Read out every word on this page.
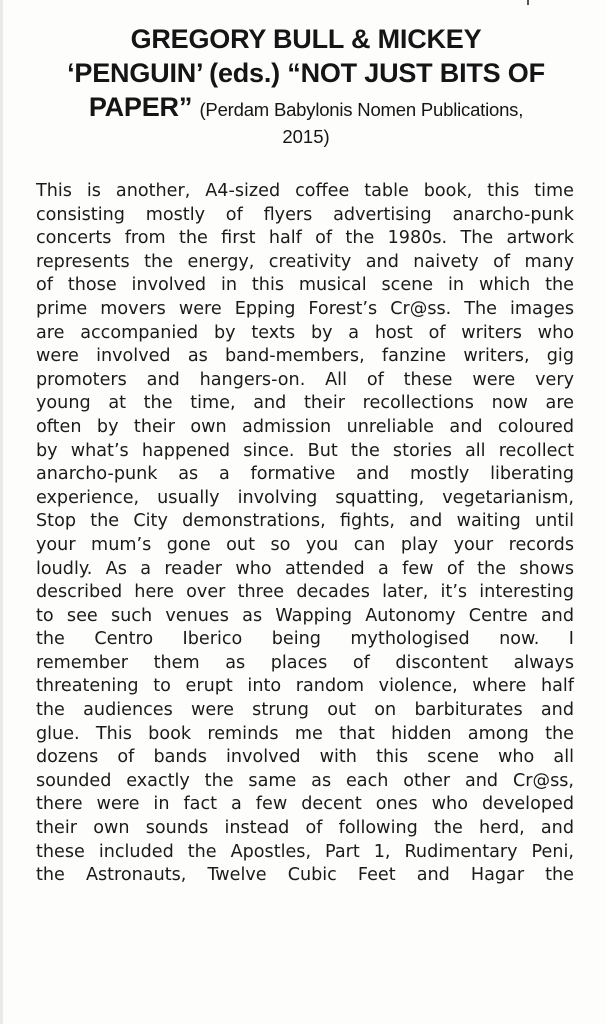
GREGORY BULL & MICKEY
‘PENGUIN’ (eds.) “NOT JUST BITS OF
PAPER” (Perdam Babylonis Nomen Publications,
2015)
This is another, A4-sized coffee table book, this time
consisting mostly of flyers advertising anarcho-punk
concerts from the first half of the 1980s. The artwork
represents the energy, creativity and naivety of many
of those involved in this musical scene in which the
prime movers were Epping Forest’s Cr@ss. The images
are accompanied by texts by a host of writers who
were involved as band-members, fanzine writers, gig
promoters and hangers-on. All of these were very
young at the time, and their recollections now are
often by their own admission unreliable and coloured
by what’s happened since. But the stories all recollect
anarcho-punk as a formative and mostly liberating
experience, usually involving squatting, vegetarianism,
Stop the City demonstrations, fights, and waiting until
your mum’s gone out so you can play your records
loudly. As a reader who attended a few of the shows
described here over three decades later, it’s interesting
to see such venues as Wapping Autonomy Centre and
the Centro Iberico being mythologised now. I
remember them as places of discontent always
threatening to erupt into random violence, where half
the audiences were strung out on barbiturates and
glue. This book reminds me that hidden among the
dozens of bands involved with this scene who all
sounded exactly the same as each other and Cr@ss,
there were in fact a few decent ones who developed
their own sounds instead of following the herd, and
these included the Apostles, Part 1, Rudimentary Peni,
the Astronauts, Twelve Cubic Feet and Hagar the
